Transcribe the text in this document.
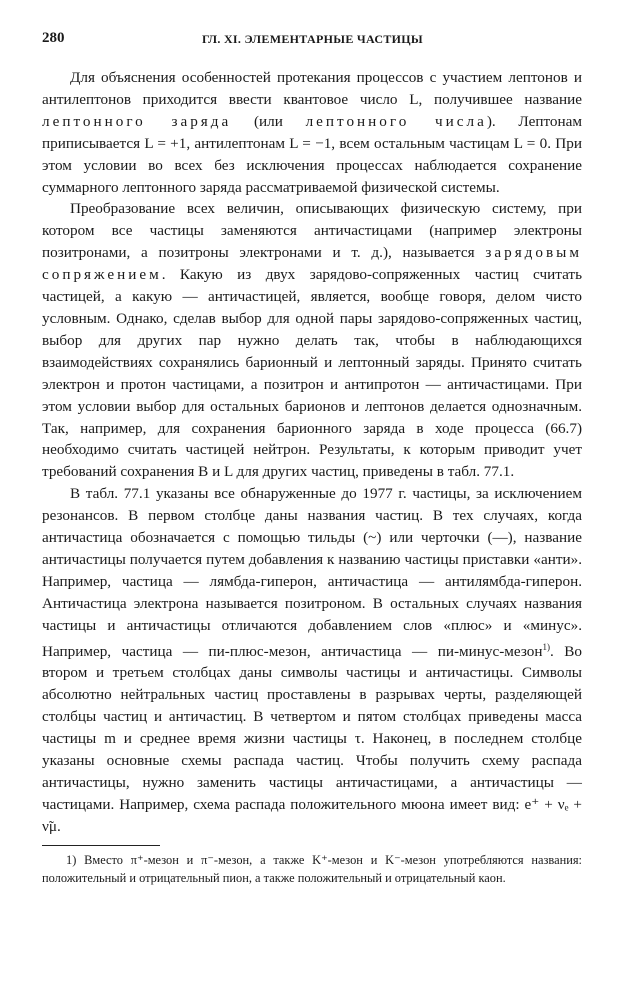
280	ГЛ. XI. ЭЛЕМЕНТАРНЫЕ ЧАСТИЦЫ

Для объяснения особенностей протекания процессов с участием лептонов и антилептонов приходится ввести квантовое число L, получившее название лептонного заряда (или лептонного числа). Лептонам приписывается L = +1, антилептонам L = −1, всем остальным частицам L = 0. При этом условии во всех без исключения процессах наблюдается сохранение суммарного лептонного заряда рассматриваемой физической системы.

Преобразование всех величин, описывающих физическую систему, при котором все частицы заменяются античастицами (например электроны позитронами, а позитроны электронами и т. д.), называется зарядовым сопряжением. Какую из двух зарядово-сопряженных частиц считать частицей, а какую — античастицей, является, вообще говоря, делом чисто условным. Однако, сделав выбор для одной пары зарядово-сопряженных частиц, выбор для других пар нужно делать так, чтобы в наблюдающихся взаимодействиях сохранялись барионный и лептонный заряды. Принято считать электрон и протон частицами, а позитрон и антипротон — античастицами. При этом условии выбор для остальных барионов и лептонов делается однозначным. Так, например, для сохранения барионного заряда в ходе процесса (66.7) необходимо считать частицей нейтрон. Результаты, к которым приводит учет требований сохранения B и L для других частиц, приведены в табл. 77.1.

В табл. 77.1 указаны все обнаруженные до 1977 г. частицы, за исключением резонансов. В первом столбце даны названия частиц. В тех случаях, когда античастица обозначается с помощью тильды (~) или черточки (—), название античастицы получается путем добавления к названию частицы приставки «анти». Например, частица — лямбда-гиперон, античастица — антилямбда-гиперон. Античастица электрона называется позитроном. В остальных случаях названия частицы и античастицы отличаются добавлением слов «плюс» и «минус». Например, частица — пи-плюс-мезон, античастица — пи-минус-мезон$^{1)}$. Во втором и третьем столбцах даны символы частицы и античастицы. Символы абсолютно нейтральных частиц проставлены в разрывах черты, разделяющей столбцы частиц и античастиц. В четвертом и пятом столбцах приведены масса частицы m и среднее время жизни частицы τ. Наконец, в последнем столбце указаны основные схемы распада частиц. Чтобы получить схему распада античастицы, нужно заменить частицы античастицами, а античастицы — частицами. Например, схема распада положительного мюона имеет вид: e⁺ + νₑ + ν̃μ.

1) Вместо π⁺-мезон и π⁻-мезон, а также K⁺-мезон и K⁻-мезон употребляются названия: положительный и отрицательный пион, а также положительный и отрицательный каон.
